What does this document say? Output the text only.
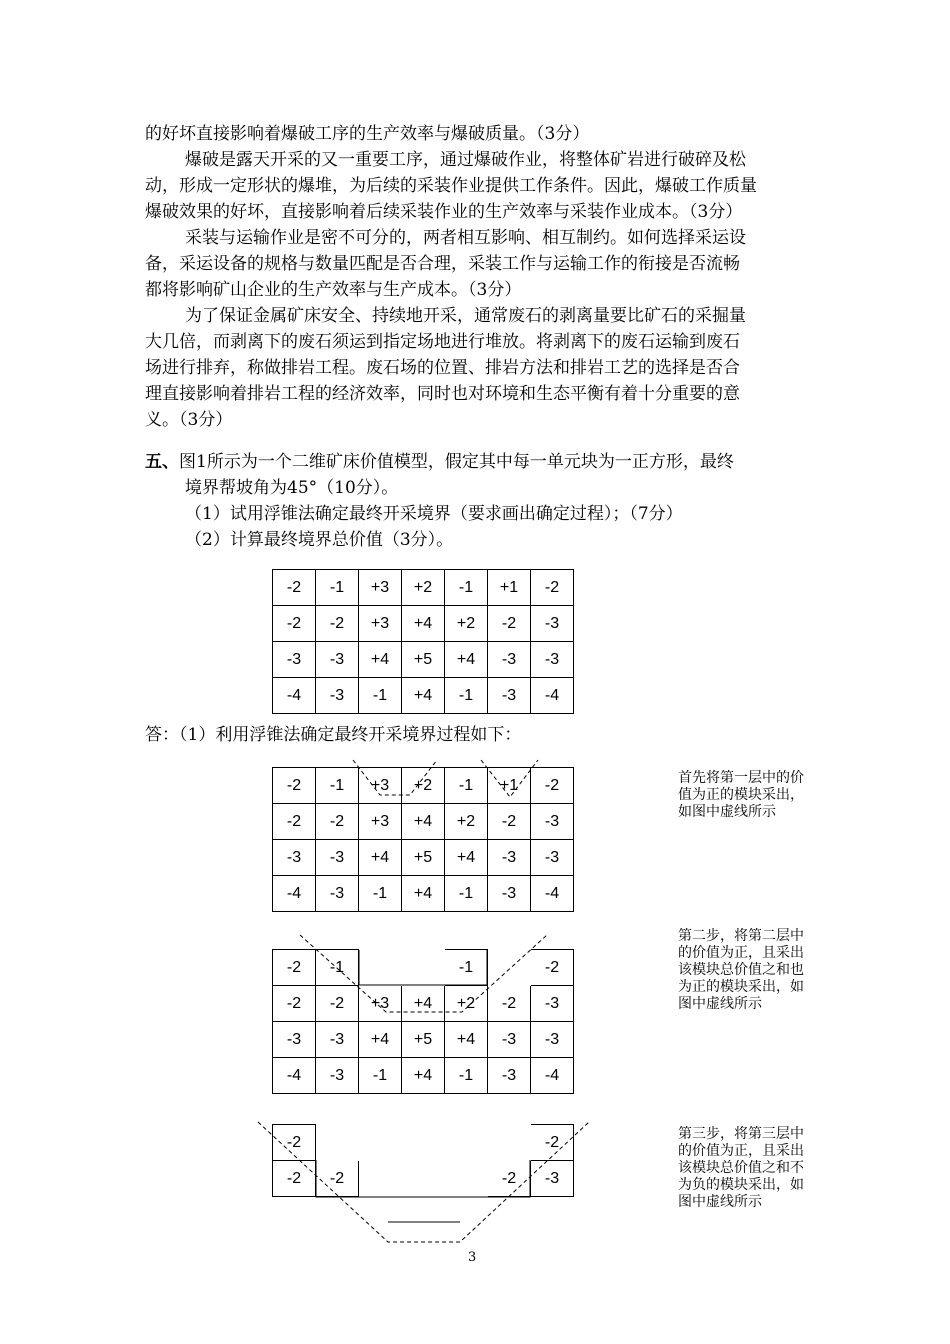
的好坏直接影响着爆破工序的生产效率与爆破质量。（3分）
爆破是露天开采的又一重要工序，通过爆破作业，将整体矿岩进行破碎及松
动，形成一定形状的爆堆，为后续的采装作业提供工作条件。因此，爆破工作质量
爆破效果的好坏，直接影响着后续采装作业的生产效率与采装作业成本。（3分）
采装与运输作业是密不可分的，两者相互影响、相互制约。如何选择采运设
备，采运设备的规格与数量匹配是否合理，采装工作与运输工作的衔接是否流畅
都将影响矿山企业的生产效率与生产成本。（3分）
为了保证金属矿床安全、持续地开采，通常废石的剥离量要比矿石的采掘量
大几倍，而剥离下的废石须运到指定场地进行堆放。将剥离下的废石运输到废石
场进行排弃，称做排岩工程。废石场的位置、排岩方法和排岩工艺的选择是否合
理直接影响着排岩工程的经济效率，同时也对环境和生态平衡有着十分重要的意
义。（3分）
五、图1所示为一个二维矿床价值模型，假定其中每一单元块为一正方形，最终
境界帮坡角为45°（10分）。
（1）试用浮锥法确定最终开采境界（要求画出确定过程）；（7分）
（2）计算最终境界总价值（3分）。
-2	-1	+3	+2	-1	+1	-2
-2	-2	+3	+4	+2	-2	-3
-3	-3	+4	+5	+4	-3	-3
-4	-3	-1	+4	-1	-3	-4
答：（1）利用浮锥法确定最终开采境界过程如下：
-2	-1	+3	+2	-1	+1	-2
-2	-2	+3	+4	+2	-2	-3
-3	-3	+4	+5	+4	-3	-3
-4	-3	-1	+4	-1	-3	-4
首先将第一层中的价值为正的模块采出，如图中虚线所示
-2	-1			-1		-2
-2	-2	+3	+4	+2	-2	-3
-3	-3	+4	+5	+4	-3	-3
-4	-3	-1	+4	-1	-3	-4
第二步，将第二层中的价值为正，且采出该模块总价值之和也为正的模块采出，如图中虚线所示
-2						-2
-2	-2				-2	-3
第三步，将第三层中的价值为正，且采出该模块总价值之和不为负的模块采出，如图中虚线所示
3
